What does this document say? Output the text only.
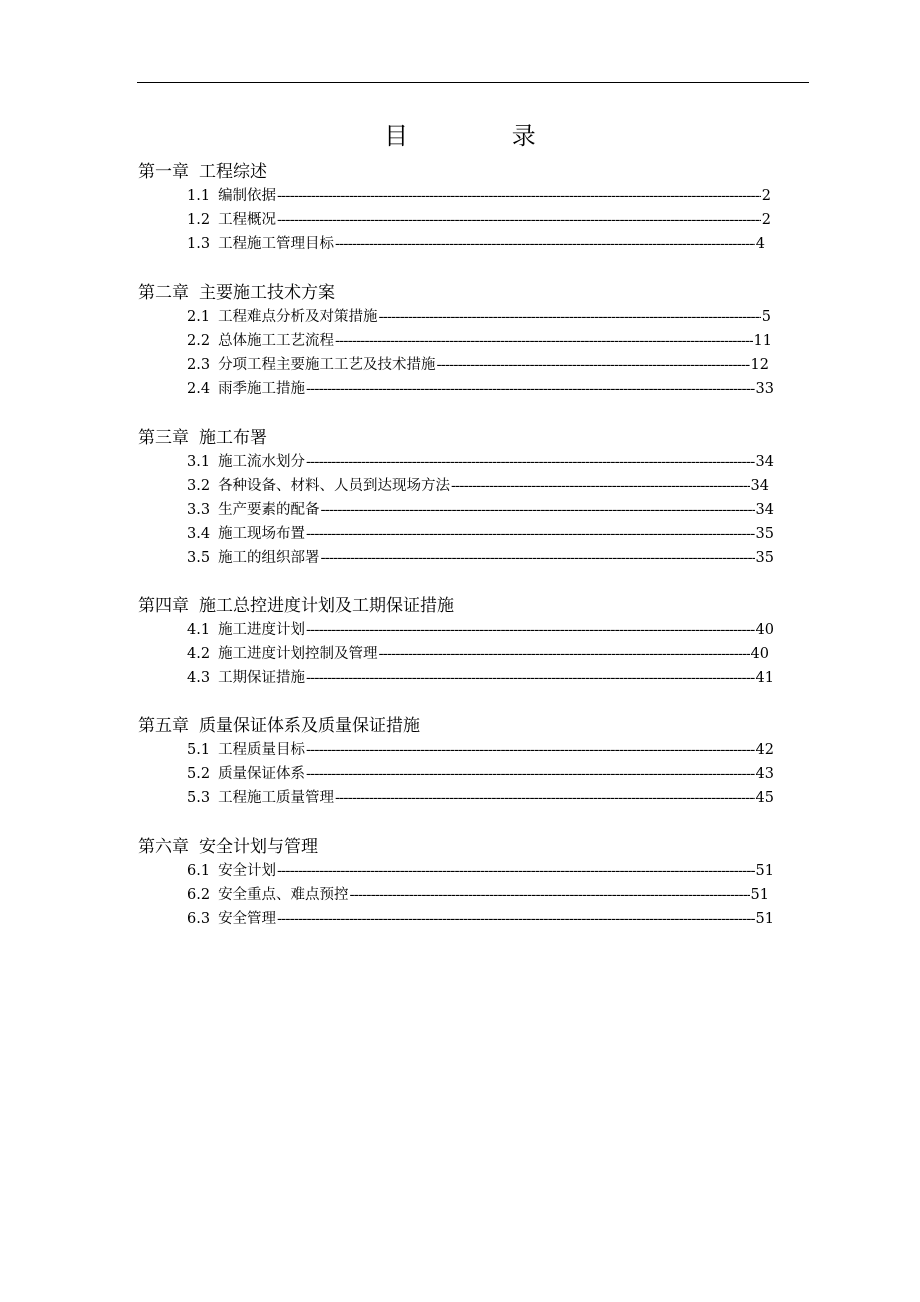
目 录
第一章 工程综述
1.1 编制依据 -----	2
1.2 工程概况 -----	2
1.3 工程施工管理目标 -----	4
第二章 主要施工技术方案
2.1 工程难点分析及对策措施 -----	5
2.2 总体施工工艺流程 -----	11
2.3 分项工程主要施工工艺及技术措施 -----	12
2.4 雨季施工措施 -----	33
第三章 施工布署
3.1 施工流水划分 -----	34
3.2 各种设备、材料、人员到达现场方法 -----	34
3.3 生产要素的配备 -----	34
3.4 施工现场布置 -----	35
3.5 施工的组织部署 -----	35
第四章 施工总控进度计划及工期保证措施
4.1 施工进度计划 -----	40
4.2 施工进度计划控制及管理 -----	40
4.3 工期保证措施 -----	41
第五章 质量保证体系及质量保证措施
5.1 工程质量目标 -----	42
5.2 质量保证体系 -----	43
5.3 工程施工质量管理 -----	45
第六章 安全计划与管理
6.1 安全计划 -----	51
6.2 安全重点、难点预控 -----	51
6.3 安全管理 -----	51
